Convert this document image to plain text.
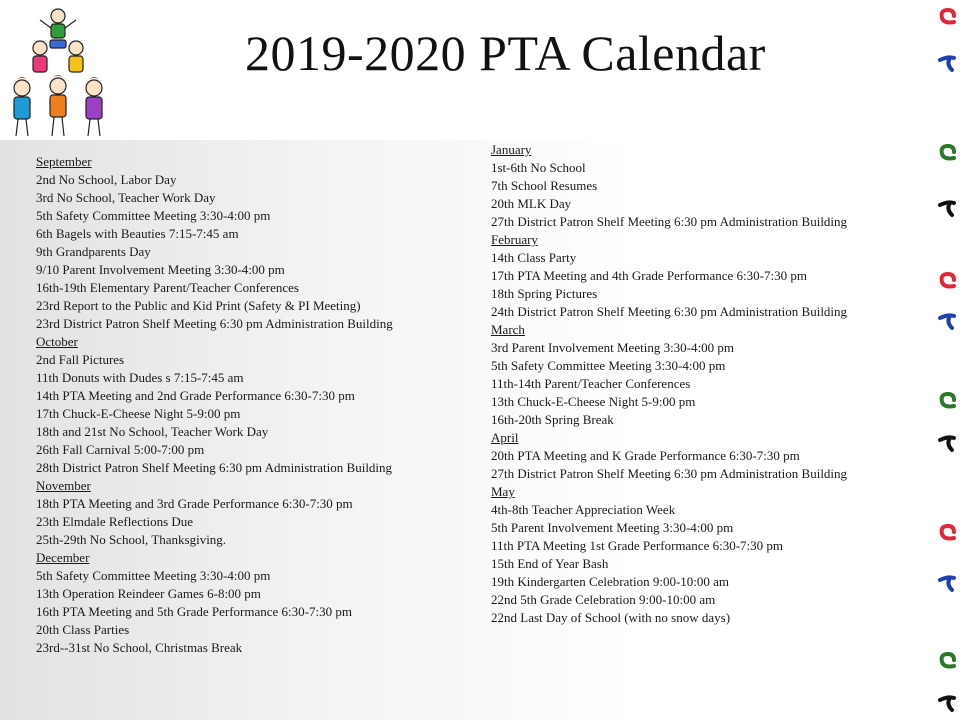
2019-2020 PTA Calendar
September
2nd No School, Labor Day
3rd No School, Teacher Work Day
5th Safety Committee Meeting 3:30-4:00 pm
6th Bagels with Beauties 7:15-7:45 am
9th Grandparents Day
9/10 Parent Involvement Meeting 3:30-4:00 pm
16th-19th Elementary Parent/Teacher Conferences
23rd Report to the Public and Kid Print (Safety & PI Meeting)
23rd District Patron Shelf Meeting 6:30 pm Administration Building
October
2nd Fall Pictures
11th Donuts with Dudes s 7:15-7:45 am
14th PTA Meeting and 2nd Grade Performance 6:30-7:30 pm
17th Chuck-E-Cheese Night 5-9:00 pm
18th and 21st No School, Teacher Work Day
26th Fall Carnival 5:00-7:00 pm
28th District Patron Shelf Meeting 6:30 pm Administration Building
November
18th PTA Meeting and 3rd Grade Performance 6:30-7:30 pm
23th Elmdale Reflections Due
25th-29th No School, Thanksgiving.
December
5th Safety Committee Meeting 3:30-4:00 pm
13th Operation Reindeer Games 6-8:00 pm
16th PTA Meeting and 5th Grade Performance 6:30-7:30 pm
20th Class Parties
23rd--31st No School, Christmas Break
January
1st-6th No School
7th School Resumes
20th MLK Day
27th District Patron Shelf Meeting 6:30 pm Administration Building
February
14th Class Party
17th PTA Meeting and 4th Grade Performance 6:30-7:30 pm
18th Spring Pictures
24th District Patron Shelf Meeting 6:30 pm Administration Building
March
3rd Parent Involvement Meeting 3:30-4:00 pm
5th Safety Committee Meeting 3:30-4:00 pm
11th-14th Parent/Teacher Conferences
13th Chuck-E-Cheese Night 5-9:00 pm
16th-20th Spring Break
April
20th PTA Meeting and K Grade Performance 6:30-7:30 pm
27th District Patron Shelf Meeting 6:30 pm Administration Building
May
4th-8th Teacher Appreciation Week
5th Parent Involvement Meeting 3:30-4:00 pm
11th PTA Meeting 1st Grade Performance 6:30-7:30 pm
15th End of Year Bash
19th Kindergarten Celebration 9:00-10:00 am
22nd 5th Grade Celebration 9:00-10:00 am
22nd Last Day of School (with no snow days)
